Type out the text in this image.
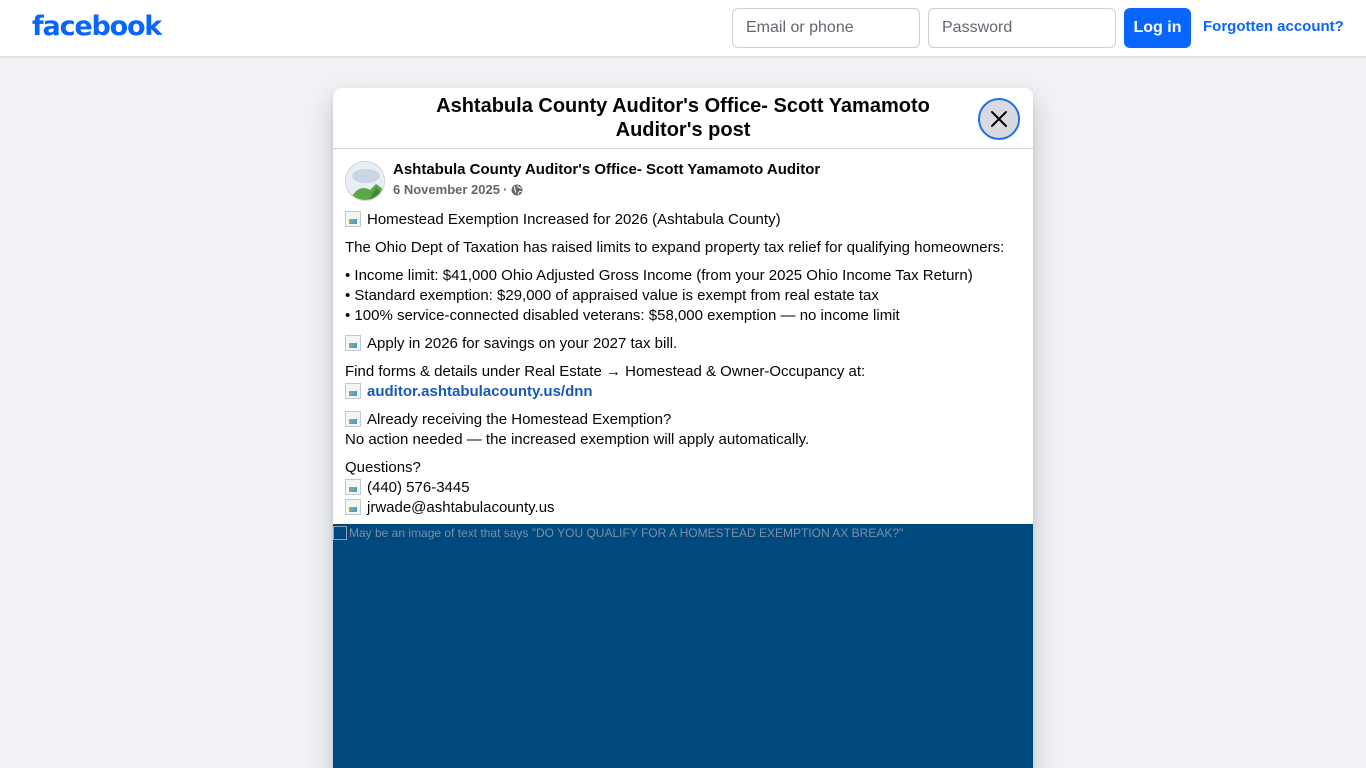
facebook
Email or phone	Log in	Forgotten account?
Ashtabula County Auditor's Office- Scott Yamamoto Auditor's post
Ashtabula County Auditor's Office- Scott Yamamoto Auditor
6 November 2025 ·
Homestead Exemption Increased for 2026 (Ashtabula County)
The Ohio Dept of Taxation has raised limits to expand property tax relief for qualifying homeowners:
• Income limit: $41,000 Ohio Adjusted Gross Income (from your 2025 Ohio Income Tax Return)
• Standard exemption: $29,000 of appraised value is exempt from real estate tax
• 100% service-connected disabled veterans: $58,000 exemption — no income limit
Apply in 2026 for savings on your 2027 tax bill.
Find forms & details under Real Estate → Homestead & Owner-Occupancy at:
auditor.ashtabulacounty.us/dnn
Already receiving the Homestead Exemption?
No action needed — the increased exemption will apply automatically.
Questions?
(440) 576-3445
jrwade@ashtabulacounty.us
May be an image of text that says "DO YOU QUALIFY FOR A HOMESTEAD EXEMPTION AX BREAK?"
